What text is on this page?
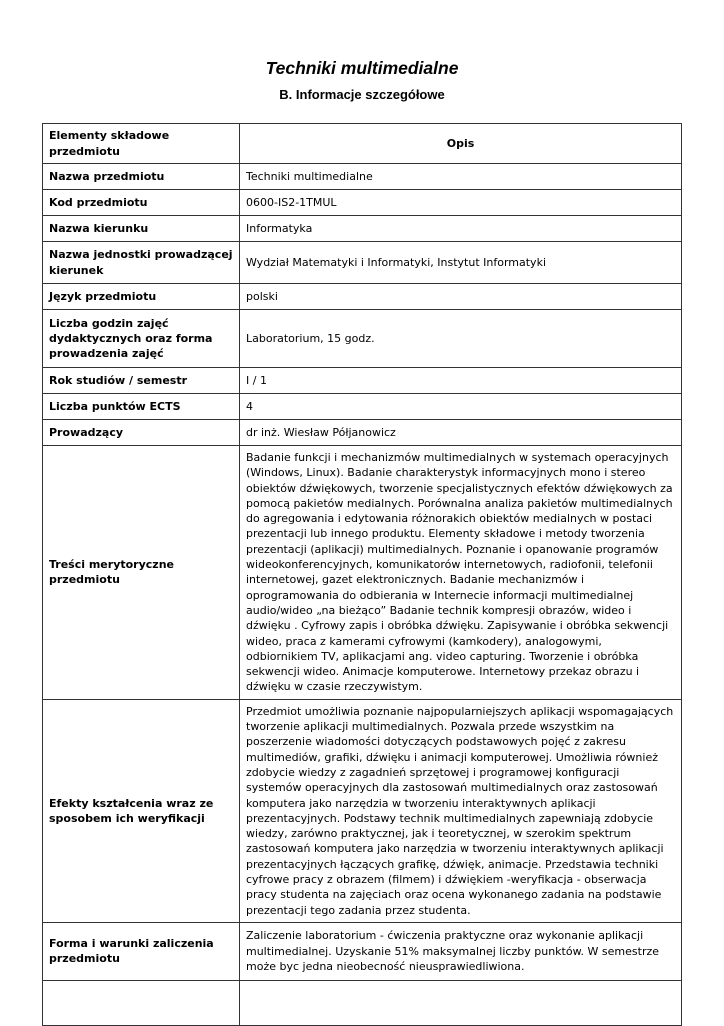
Techniki multimedialne
B. Informacje szczegółowe
Elementy składowe przedmiotu	Opis
Nazwa przedmiotu	Techniki multimedialne
Kod przedmiotu	0600-IS2-1TMUL
Nazwa kierunku	Informatyka
Nazwa jednostki prowadzącej kierunek	Wydział Matematyki i Informatyki, Instytut Informatyki
Język przedmiotu	polski
Liczba godzin zajęć dydaktycznych oraz forma prowadzenia zajęć	Laboratorium, 15 godz.
Rok studiów / semestr	I / 1
Liczba punktów ECTS	4
Prowadzący	dr inż. Wiesław Półjanowicz
Treści merytoryczne przedmiotu	Badanie funkcji i mechanizmów multimedialnych w systemach operacyjnych (Windows, Linux). Badanie charakterystyk informacyjnych mono i stereo obiektów dźwiękowych, tworzenie specjalistycznych efektów dźwiękowych za pomocą pakietów medialnych. Porównalna analiza pakietów multimedialnych do agregowania i edytowania różnorakich obiektów medialnych w postaci prezentacji lub innego produktu. Elementy składowe i metody tworzenia prezentacji (aplikacji) multimedialnych. Poznanie i opanowanie programów wideokonferencyjnych, komunikatorów internetowych, radiofonii, telefonii internetowej, gazet elektronicznych. Badanie mechanizmów i oprogramowania do odbierania w Internecie informacji multimedialnej audio/wideo „na bieżąco” Badanie technik kompresji obrazów, wideo i dźwięku . Cyfrowy zapis i obróbka dźwięku. Zapisywanie i obróbka sekwencji wideo, praca z kamerami cyfrowymi (kamkodery), analogowymi, odbiornikiem TV, aplikacjami ang. video capturing. Tworzenie i obróbka sekwencji wideo. Animacje komputerowe. Internetowy przekaz obrazu i dźwięku w czasie rzeczywistym.
Efekty kształcenia wraz ze sposobem ich weryfikacji	Przedmiot umożliwia poznanie najpopularniejszych aplikacji wspomagających tworzenie aplikacji multimedialnych. Pozwala przede wszystkim na poszerzenie wiadomości dotyczących podstawowych pojęć z zakresu multimediów, grafiki, dźwięku i animacji komputerowej. Umożliwia również zdobycie wiedzy z zagadnień sprzętowej i programowej konfiguracji systemów operacyjnych dla zastosowań multimedialnych oraz zastosowań komputera jako narzędzia w tworzeniu interaktywnych aplikacji prezentacyjnych. Podstawy technik multimedialnych zapewniają zdobycie wiedzy, zarówno praktycznej, jak i teoretycznej, w szerokim spektrum zastosowań komputera jako narzędzia w tworzeniu interaktywnych aplikacji prezentacyjnych łączących grafikę, dźwięk, animacje. Przedstawia techniki cyfrowe pracy z obrazem (filmem) i dźwiękiem -weryfikacja - obserwacja pracy studenta na zajęciach oraz ocena wykonanego zadania na podstawie prezentacji tego zadania przez studenta.
Forma i warunki zaliczenia przedmiotu	Zaliczenie laboratorium - ćwiczenia praktyczne oraz wykonanie aplikacji multimedialnej. Uzyskanie 51% maksymalnej liczby punktów. W semestrze może byc jedna nieobecność nieusprawiedliwiona.
